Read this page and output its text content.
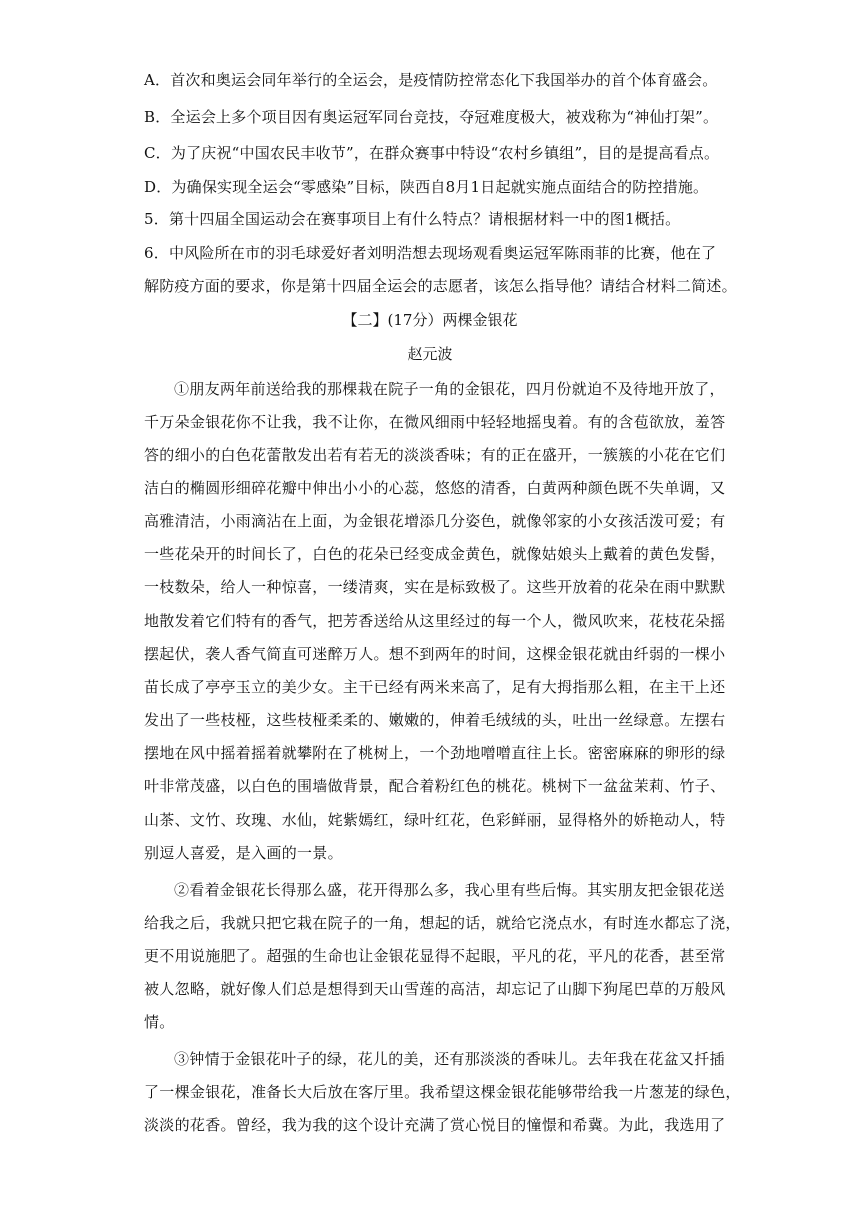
A．首次和奥运会同年举行的全运会，是疫情防控常态化下我国举办的首个体育盛会。
B．全运会上多个项目因有奥运冠军同台竞技，夺冠难度极大，被戏称为“神仙打架”。
C．为了庆祝“中国农民丰收节”，在群众赛事中特设“农村乡镇组”，目的是提高看点。
D．为确保实现全运会“零感染”目标，陕西自8月1日起就实施点面结合的防控措施。
5．第十四届全国运动会在赛事项目上有什么特点？请根据材料一中的图1概括。
6．中风险所在市的羽毛球爱好者刘明浩想去现场观看奥运冠军陈雨菲的比赛，他在了
解防疫方面的要求，你是第十四届全运会的志愿者，该怎么指导他？请结合材料二简述。
【二】(17分）两棵金银花
赵元波
①朋友两年前送给我的那棵栽在院子一角的金银花，四月份就迫不及待地开放了，
千万朵金银花你不让我，我不让你，在微风细雨中轻轻地摇曳着。有的含苞欲放，羞答
答的细小的白色花蕾散发出若有若无的淡淡香味；有的正在盛开，一簇簇的小花在它们
洁白的椭圆形细碎花瓣中伸出小小的心蕊，悠悠的清香，白黄两种颜色既不失单调，又
高雅清洁，小雨滴沾在上面，为金银花增添几分姿色，就像邻家的小女孩活泼可爱；有
一些花朵开的时间长了，白色的花朵已经变成金黄色，就像姑娘头上戴着的黄色发髻，
一枝数朵，给人一种惊喜，一缕清爽，实在是标致极了。这些开放着的花朵在雨中默默
地散发着它们特有的香气，把芳香送给从这里经过的每一个人，微风吹来，花枝花朵摇
摆起伏，袭人香气简直可迷醉万人。想不到两年的时间，这棵金银花就由纤弱的一棵小
苗长成了亭亭玉立的美少女。主干已经有两米来高了，足有大拇指那么粗，在主干上还
发出了一些枝桠，这些枝桠柔柔的、嫩嫩的，伸着毛绒绒的头，吐出一丝绿意。左摆右
摆地在风中摇着摇着就攀附在了桃树上，一个劲地噌噌直往上长。密密麻麻的卵形的绿
叶非常茂盛，以白色的围墙做背景，配合着粉红色的桃花。桃树下一盆盆茉莉、竹子、
山茶、文竹、玫瑰、水仙，姹紫嫣红，绿叶红花，色彩鲜丽，显得格外的娇艳动人，特
别逗人喜爱，是入画的一景。
②看着金银花长得那么盛，花开得那么多，我心里有些后悔。其实朋友把金银花送
给我之后，我就只把它栽在院子的一角，想起的话，就给它浇点水，有时连水都忘了浇，
更不用说施肥了。超强的生命也让金银花显得不起眼，平凡的花，平凡的花香，甚至常
被人忽略，就好像人们总是想得到天山雪莲的高洁，却忘记了山脚下狗尾巴草的万般风
情。
③钟情于金银花叶子的绿，花儿的美，还有那淡淡的香味儿。去年我在花盆又扦插
了一棵金银花，准备长大后放在客厅里。我希望这棵金银花能够带给我一片葱茏的绿色，
淡淡的花香。曾经，我为我的这个设计充满了赏心悦目的憧憬和希冀。为此，我选用了
